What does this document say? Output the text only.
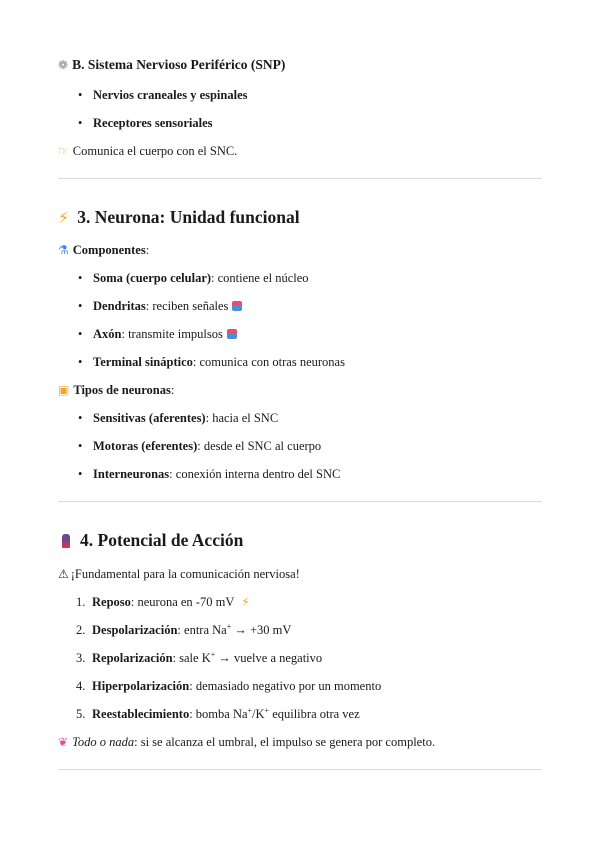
❁ B. Sistema Nervioso Periférico (SNP)
• Nervios craneales y espinales
• Receptores sensoriales
☞ Comunica el cuerpo con el SNC.
⚡ 3. Neurona: Unidad funcional
⚗ Componentes:
• Soma (cuerpo celular): contiene el núcleo
• Dendritas: reciben señales
• Axón: transmite impulsos
• Terminal sináptico: comunica con otras neuronas
▣ Tipos de neuronas:
• Sensitivas (aferentes): hacia el SNC
• Motoras (eferentes): desde el SNC al cuerpo
• Interneuronas: conexión interna dentro del SNC
4. Potencial de Acción
⚠ ¡Fundamental para la comunicación nerviosa!
1. Reposo: neurona en -70 mV ⚡
2. Despolarización: entra Na+ → +30 mV
3. Repolarización: sale K+ → vuelve a negativo
4. Hiperpolarización: demasiado negativo por un momento
5. Reestablecimiento: bomba Na+/K+ equilibra otra vez
❦ Todo o nada: si se alcanza el umbral, el impulso se genera por completo.
